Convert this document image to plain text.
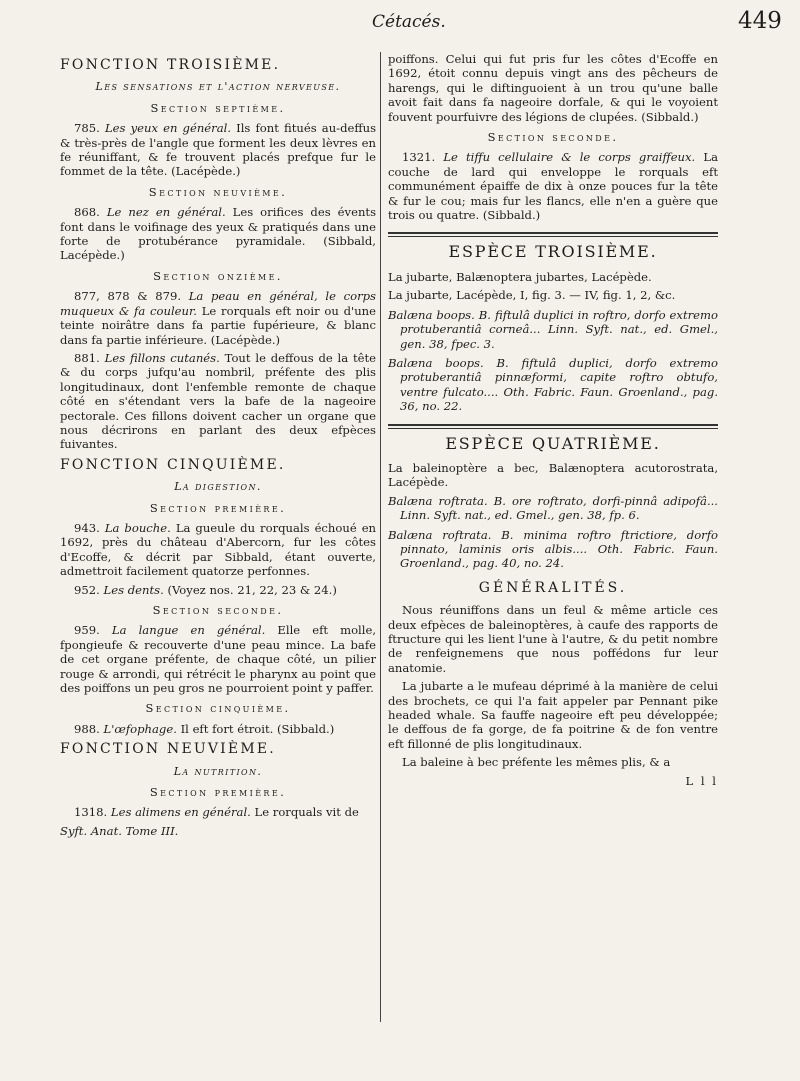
Cétacés.	449
FONCTION TROISIÈME.
Les sensations et l'action nerveuse.
Section septième.

785. Les yeux en général. Ils font fitués au-deffus & très-près de l'angle que forment les deux lèvres en fe réuniffant, & fe trouvent placés prefque fur le fommet de la tête. (Lacépède.)

Section neuvième.

868. Le nez en général. Les orifices des évents font dans le voifinage des yeux & pratiqués dans une forte de protubérance pyramidale. (Sibbald, Lacépède.)

Section onzième.

877, 878 & 879. La peau en général, le corps muqueux & fa couleur. Le rorquals eft noir ou d'une teinte noirâtre dans fa partie fupérieure, & blanc dans fa partie inférieure. (Lacépède.)

881. Les fillons cutanés. Tout le deffous de la tête & du corps jufqu'au nombril, préfente des plis longitudinaux, dont l'enfemble remonte de chaque côté en s'étendant vers la bafe de la nageoire pectorale. Ces fillons doivent cacher un organe que nous décrirons en parlant des deux efpèces fuivantes.

FONCTION CINQUIÈME.
La digestion.
Section première.

943. La bouche. La gueule du rorquals échoué en 1692, près du château d'Abercorn, fur les côtes d'Ecoffe, & décrit par Sibbald, étant ouverte, admettroit facilement quatorze perfonnes.

952. Les dents. (Voyez nos. 21, 22, 23 & 24.)

Section seconde.

959. La langue en général. Elle eft molle, fpongieufe & recouverte d'une peau mince. La bafe de cet organe préfente, de chaque côté, un pilier rouge & arrondi, qui rétrécit le pharynx au point que des poiffons un peu gros ne pourroient point y paffer.

Section cinquième.

988. L'œfophage. Il eft fort étroit. (Sibbald.)

FONCTION NEUVIÈME.
La nutrition.
Section première.

1318. Les alimens en général. Le rorquals vit de

Syft. Anat. Tome III.

poiffons. Celui qui fut pris fur les côtes d'Ecoffe en 1692, étoit connu depuis vingt ans des pêcheurs de harengs, qui le diftinguoient à un trou qu'une balle avoit fait dans fa nageoire dorfale, & qui le voyoient fouvent pourfuivre des légions de clupées. (Sibbald.)

Section seconde.

1321. Le tiffu cellulaire & le corps graiffeux. La couche de lard qui enveloppe le rorquals eft communément épaiffe de dix à onze pouces fur la tête & fur le cou; mais fur les flancs, elle n'en a guère que trois ou quatre. (Sibbald.)

ESPÈCE TROISIÈME.

La jubarte, Balænoptera jubartes, Lacépède.

La jubarte, Lacépède, I, fig. 3. — IV, fig. 1, 2, &c.

Balæna boops. B. fiftulâ duplici in roftro, dorfo extremo protuberantiâ corneâ... Linn. Syft. nat., ed. Gmel., gen. 38, fpec. 3.

Balæna boops. B. fiftulâ duplici, dorfo extremo protuberantiâ pinnæformi, capite roftro obtufo, ventre fulcato.... Oth. Fabric. Faun. Groenland., pag. 36, no. 22.

ESPÈCE QUATRIÈME.

La baleinoptère a bec, Balænoptera acutorostrata, Lacépède.

Balæna roftrata. B. ore roftrato, dorfi-pinnâ adipofâ... Linn. Syft. nat., ed. Gmel., gen. 38, fp. 6.

Balæna roftrata. B. minima roftro ftrictiore, dorfo pinnato, laminis oris albis.... Oth. Fabric. Faun. Groenland., pag. 40, no. 24.

GÉNÉRALITÉS.

Nous réuniffons dans un feul & même article ces deux efpèces de baleinoptères, à caufe des rapports de ftructure qui les lient l'une à l'autre, & du petit nombre de renfeignemens que nous poffédons fur leur anatomie.

La jubarte a le mufeau déprimé à la manière de celui des brochets, ce qui l'a fait appeler par Pennant pike headed whale. Sa fauffe nageoire eft peu développée; le deffous de fa gorge, de fa poitrine & de fon ventre eft fillonné de plis longitudinaux.

La baleine à bec préfente les mêmes plis, & a

L l l
